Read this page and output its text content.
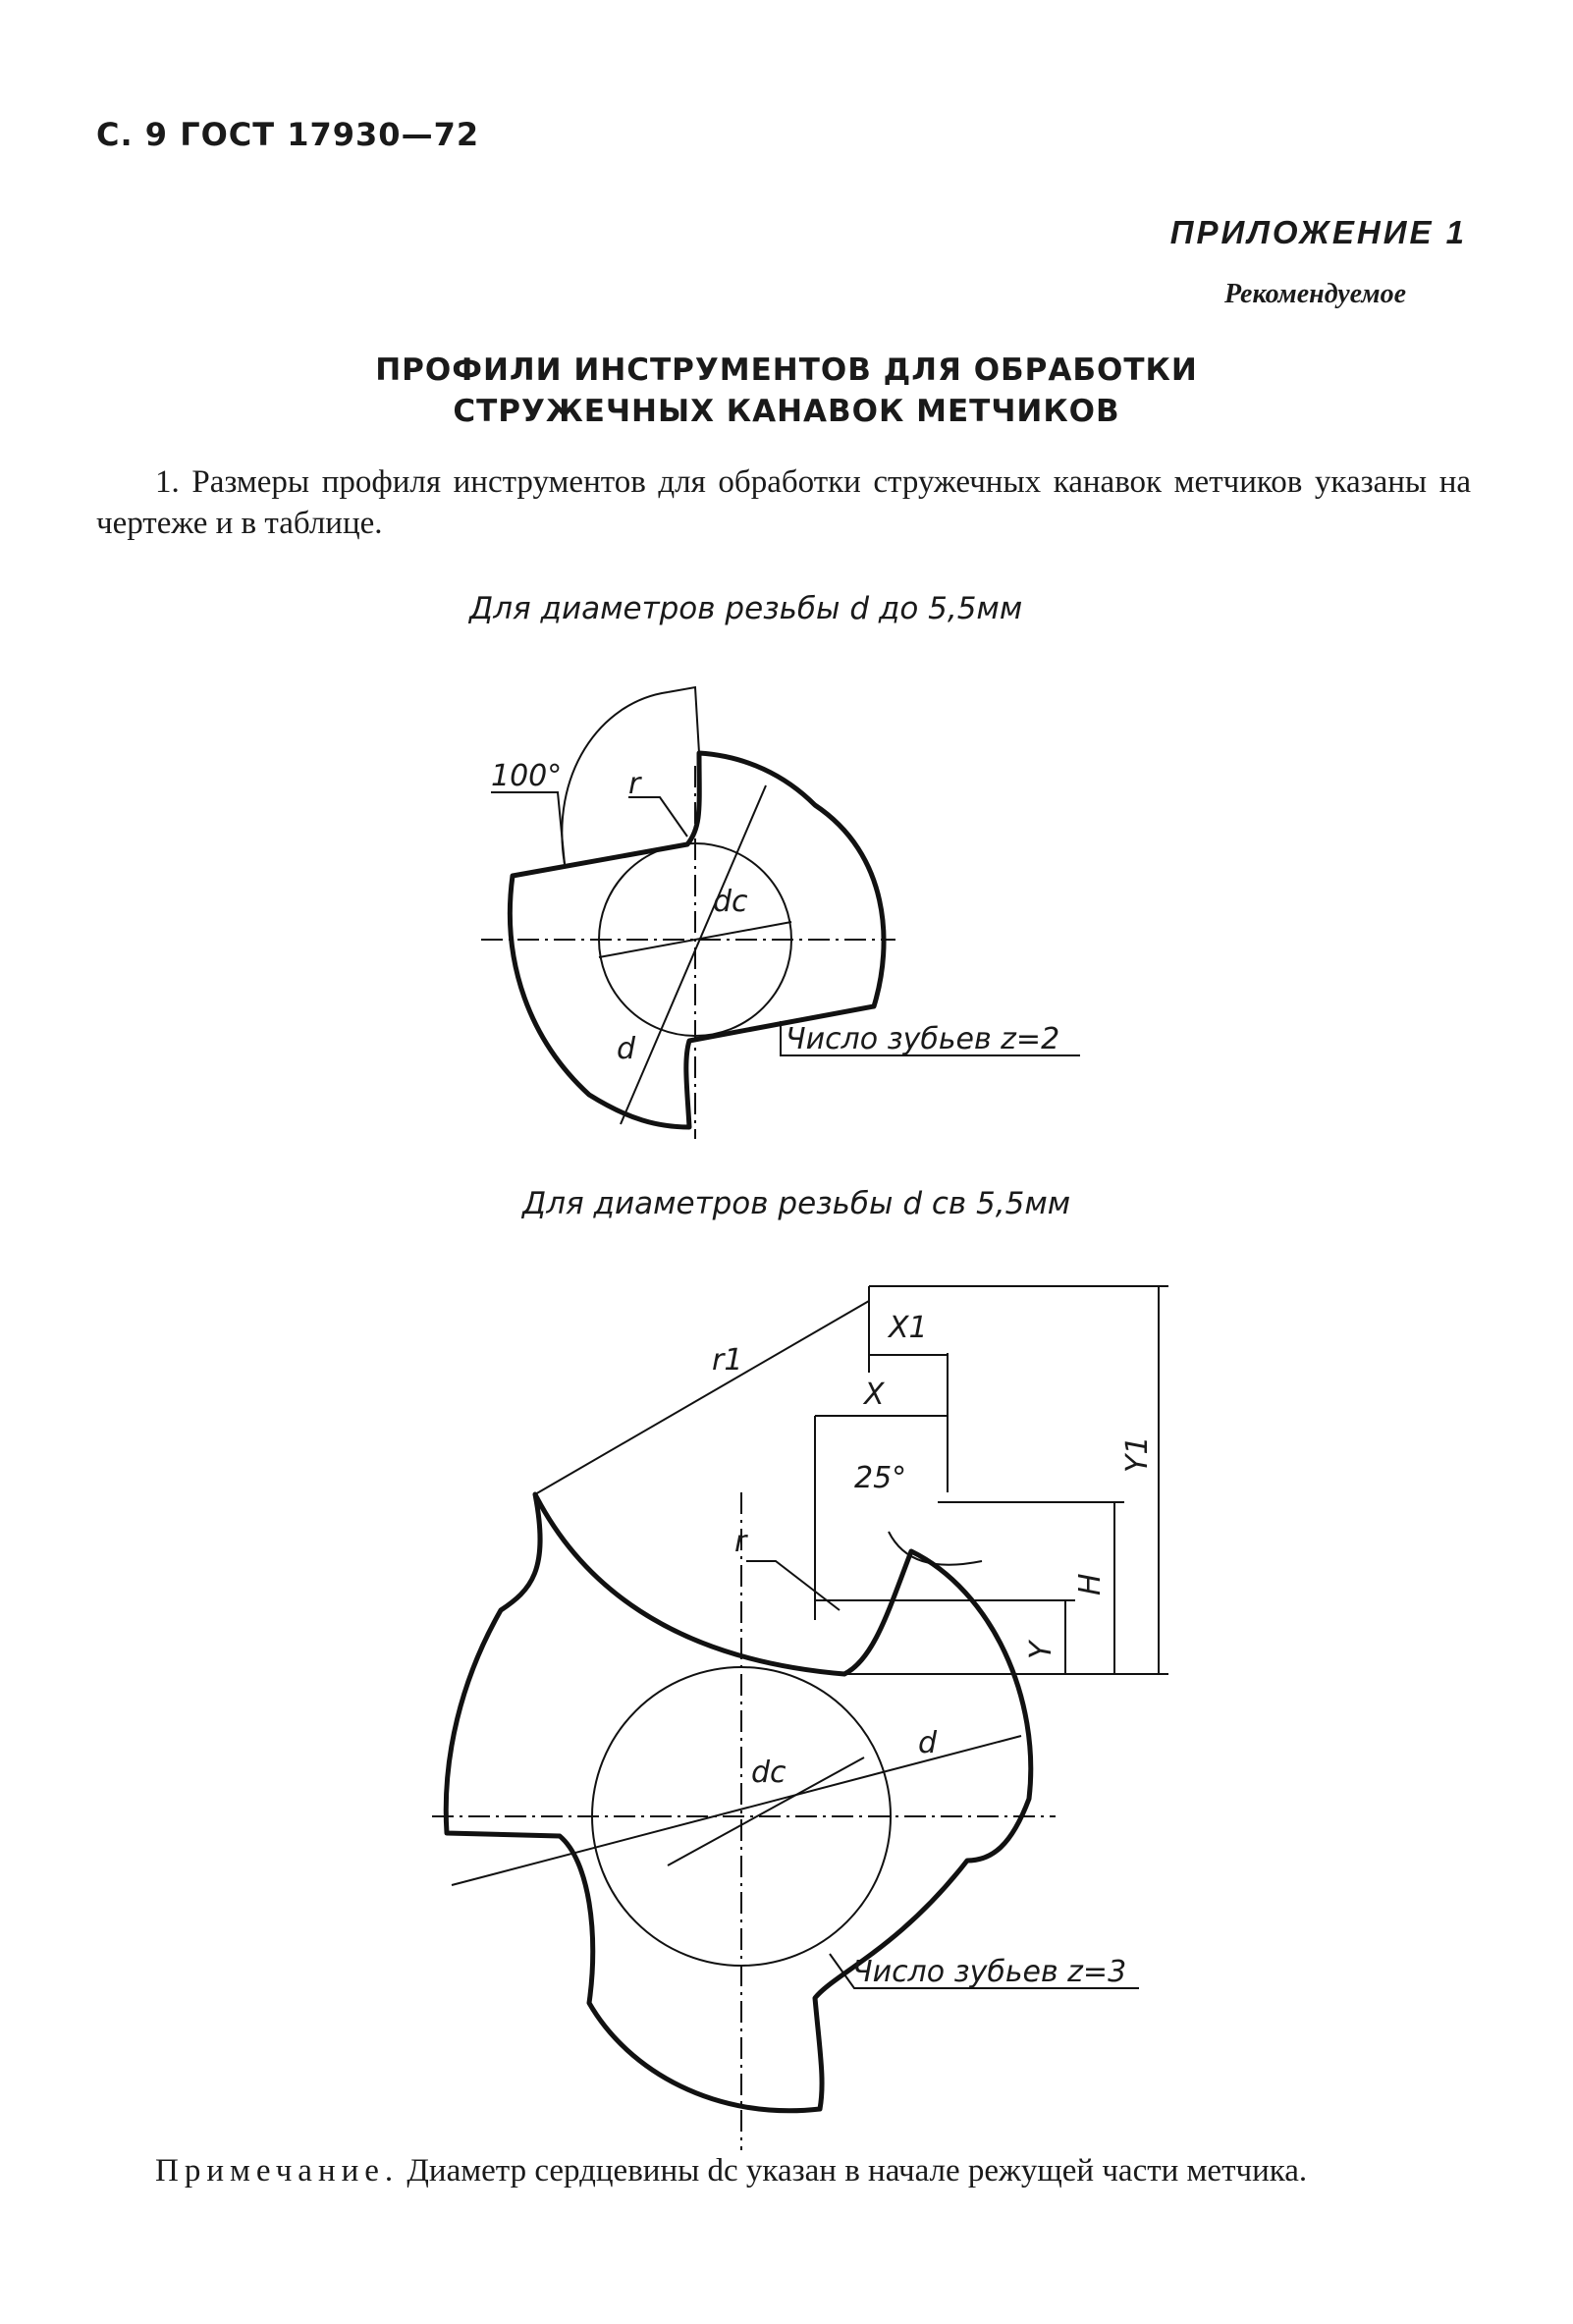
С. 9 ГОСТ 17930—72
ПРИЛОЖЕНИЕ 1
Рекомендуемое
ПРОФИЛИ ИНСТРУМЕНТОВ ДЛЯ ОБРАБОТКИ
СТРУЖЕЧНЫХ КАНАВОК МЕТЧИКОВ
1. Размеры профиля инструментов для обработки стружечных канавок метчиков указаны на чертеже и в таблице.
Для диаметров резьбы d до 5,5мм
100° r
dc
d	Число зубьев z=2
Для диаметров резьбы d св 5,5мм
r1
X1
X
25°
r
Y1
H
Y
dc
d
Число зубьев z=3
Примечание. Диаметр сердцевины dc указан в начале режущей части метчика.
